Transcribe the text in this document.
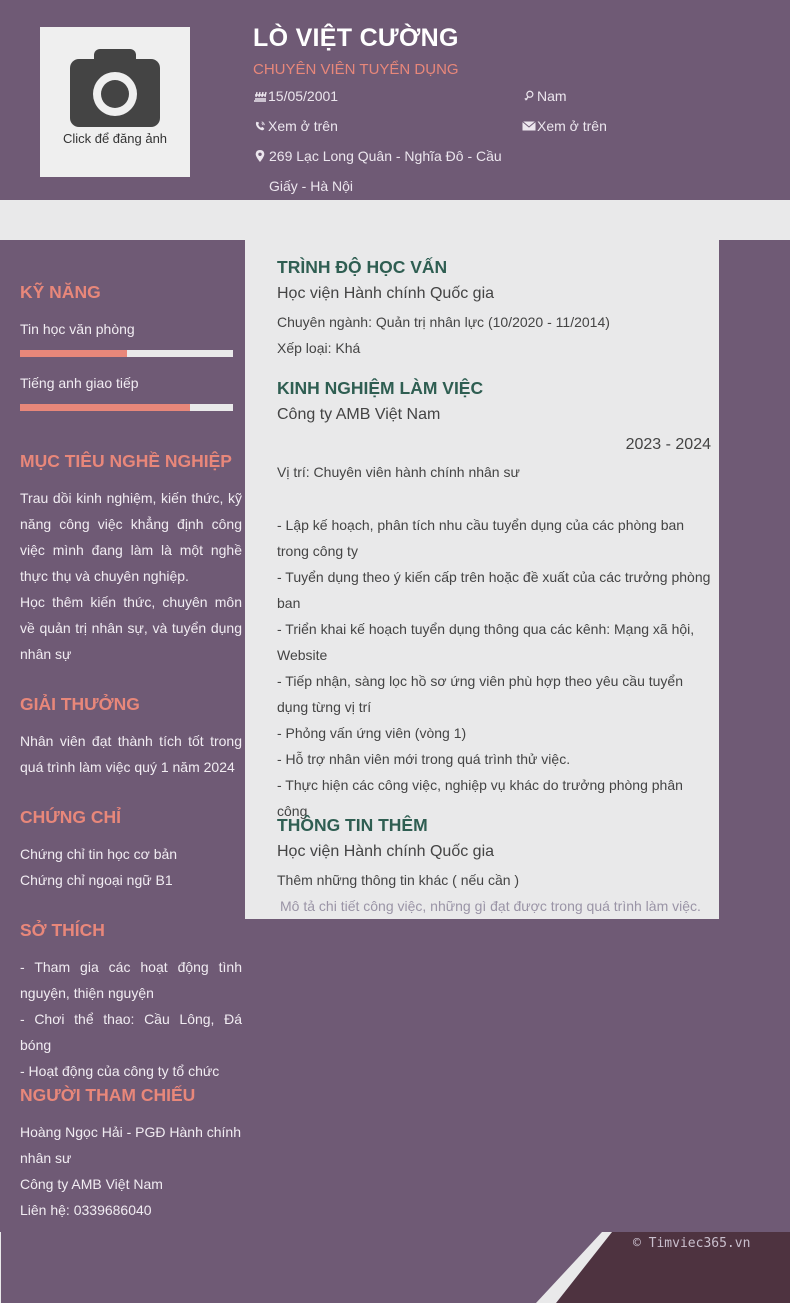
Click để đăng ảnh
LÒ VIỆT CƯỜNG
CHUYÊN VIÊN TUYỂN DỤNG
15/05/2001	Nam
Xem ở trên	Xem ở trên
269 Lạc Long Quân - Nghĩa Đô - Cầu
Giấy - Hà Nội
KỸ NĂNG
Tin học văn phòng
Tiếng anh giao tiếp
MỤC TIÊU NGHỀ NGHIỆP
Trau dồi kinh nghiệm, kiến thức, kỹ năng công việc khẳng định công việc mình đang làm là một nghề thực thụ và chuyên nghiệp.
Học thêm kiến thức, chuyên môn về quản trị nhân sự, và tuyển dụng nhân sự
GIẢI THƯỞNG
Nhân viên đạt thành tích tốt trong quá trình làm việc quý 1 năm 2024
CHỨNG CHỈ
Chứng chỉ tin học cơ bản
Chứng chỉ ngoại ngữ B1
SỞ THÍCH
- Tham gia các hoạt động tình nguyện, thiện nguyện
- Chơi thể thao: Cầu Lông, Đá bóng
- Hoạt động của công ty tổ chức
NGƯỜI THAM CHIẾU
Hoàng Ngọc Hải - PGĐ Hành chính nhân sư
Công ty AMB Việt Nam
Liên hệ: 0339686040
TRÌNH ĐỘ HỌC VẤN
Học viện Hành chính Quốc gia
Chuyên ngành: Quản trị nhân lực (10/2020 - 11/2014)
Xếp loại: Khá
KINH NGHIỆM LÀM VIỆC
Công ty AMB Việt Nam
2023 - 2024
Vị trí: Chuyên viên hành chính nhân sư
- Lập kế hoạch, phân tích nhu cầu tuyển dụng của các phòng ban trong công ty
- Tuyển dụng theo ý kiến cấp trên hoặc đề xuất của các trưởng phòng ban
- Triển khai kế hoạch tuyển dụng thông qua các kênh: Mạng xã hội, Website
- Tiếp nhận, sàng lọc hồ sơ ứng viên phù hợp theo yêu cầu tuyển dụng từng vị trí
- Phỏng vấn ứng viên (vòng 1)
- Hỗ trợ nhân viên mới trong quá trình thử việc.
- Thực hiện các công việc, nghiệp vụ khác do trưởng phòng phân công
THÔNG TIN THÊM
Học viện Hành chính Quốc gia
Thêm những thông tin khác ( nếu cần )
Mô tả chi tiết công việc, những gì đạt được trong quá trình làm việc.
© Timviec365.vn
